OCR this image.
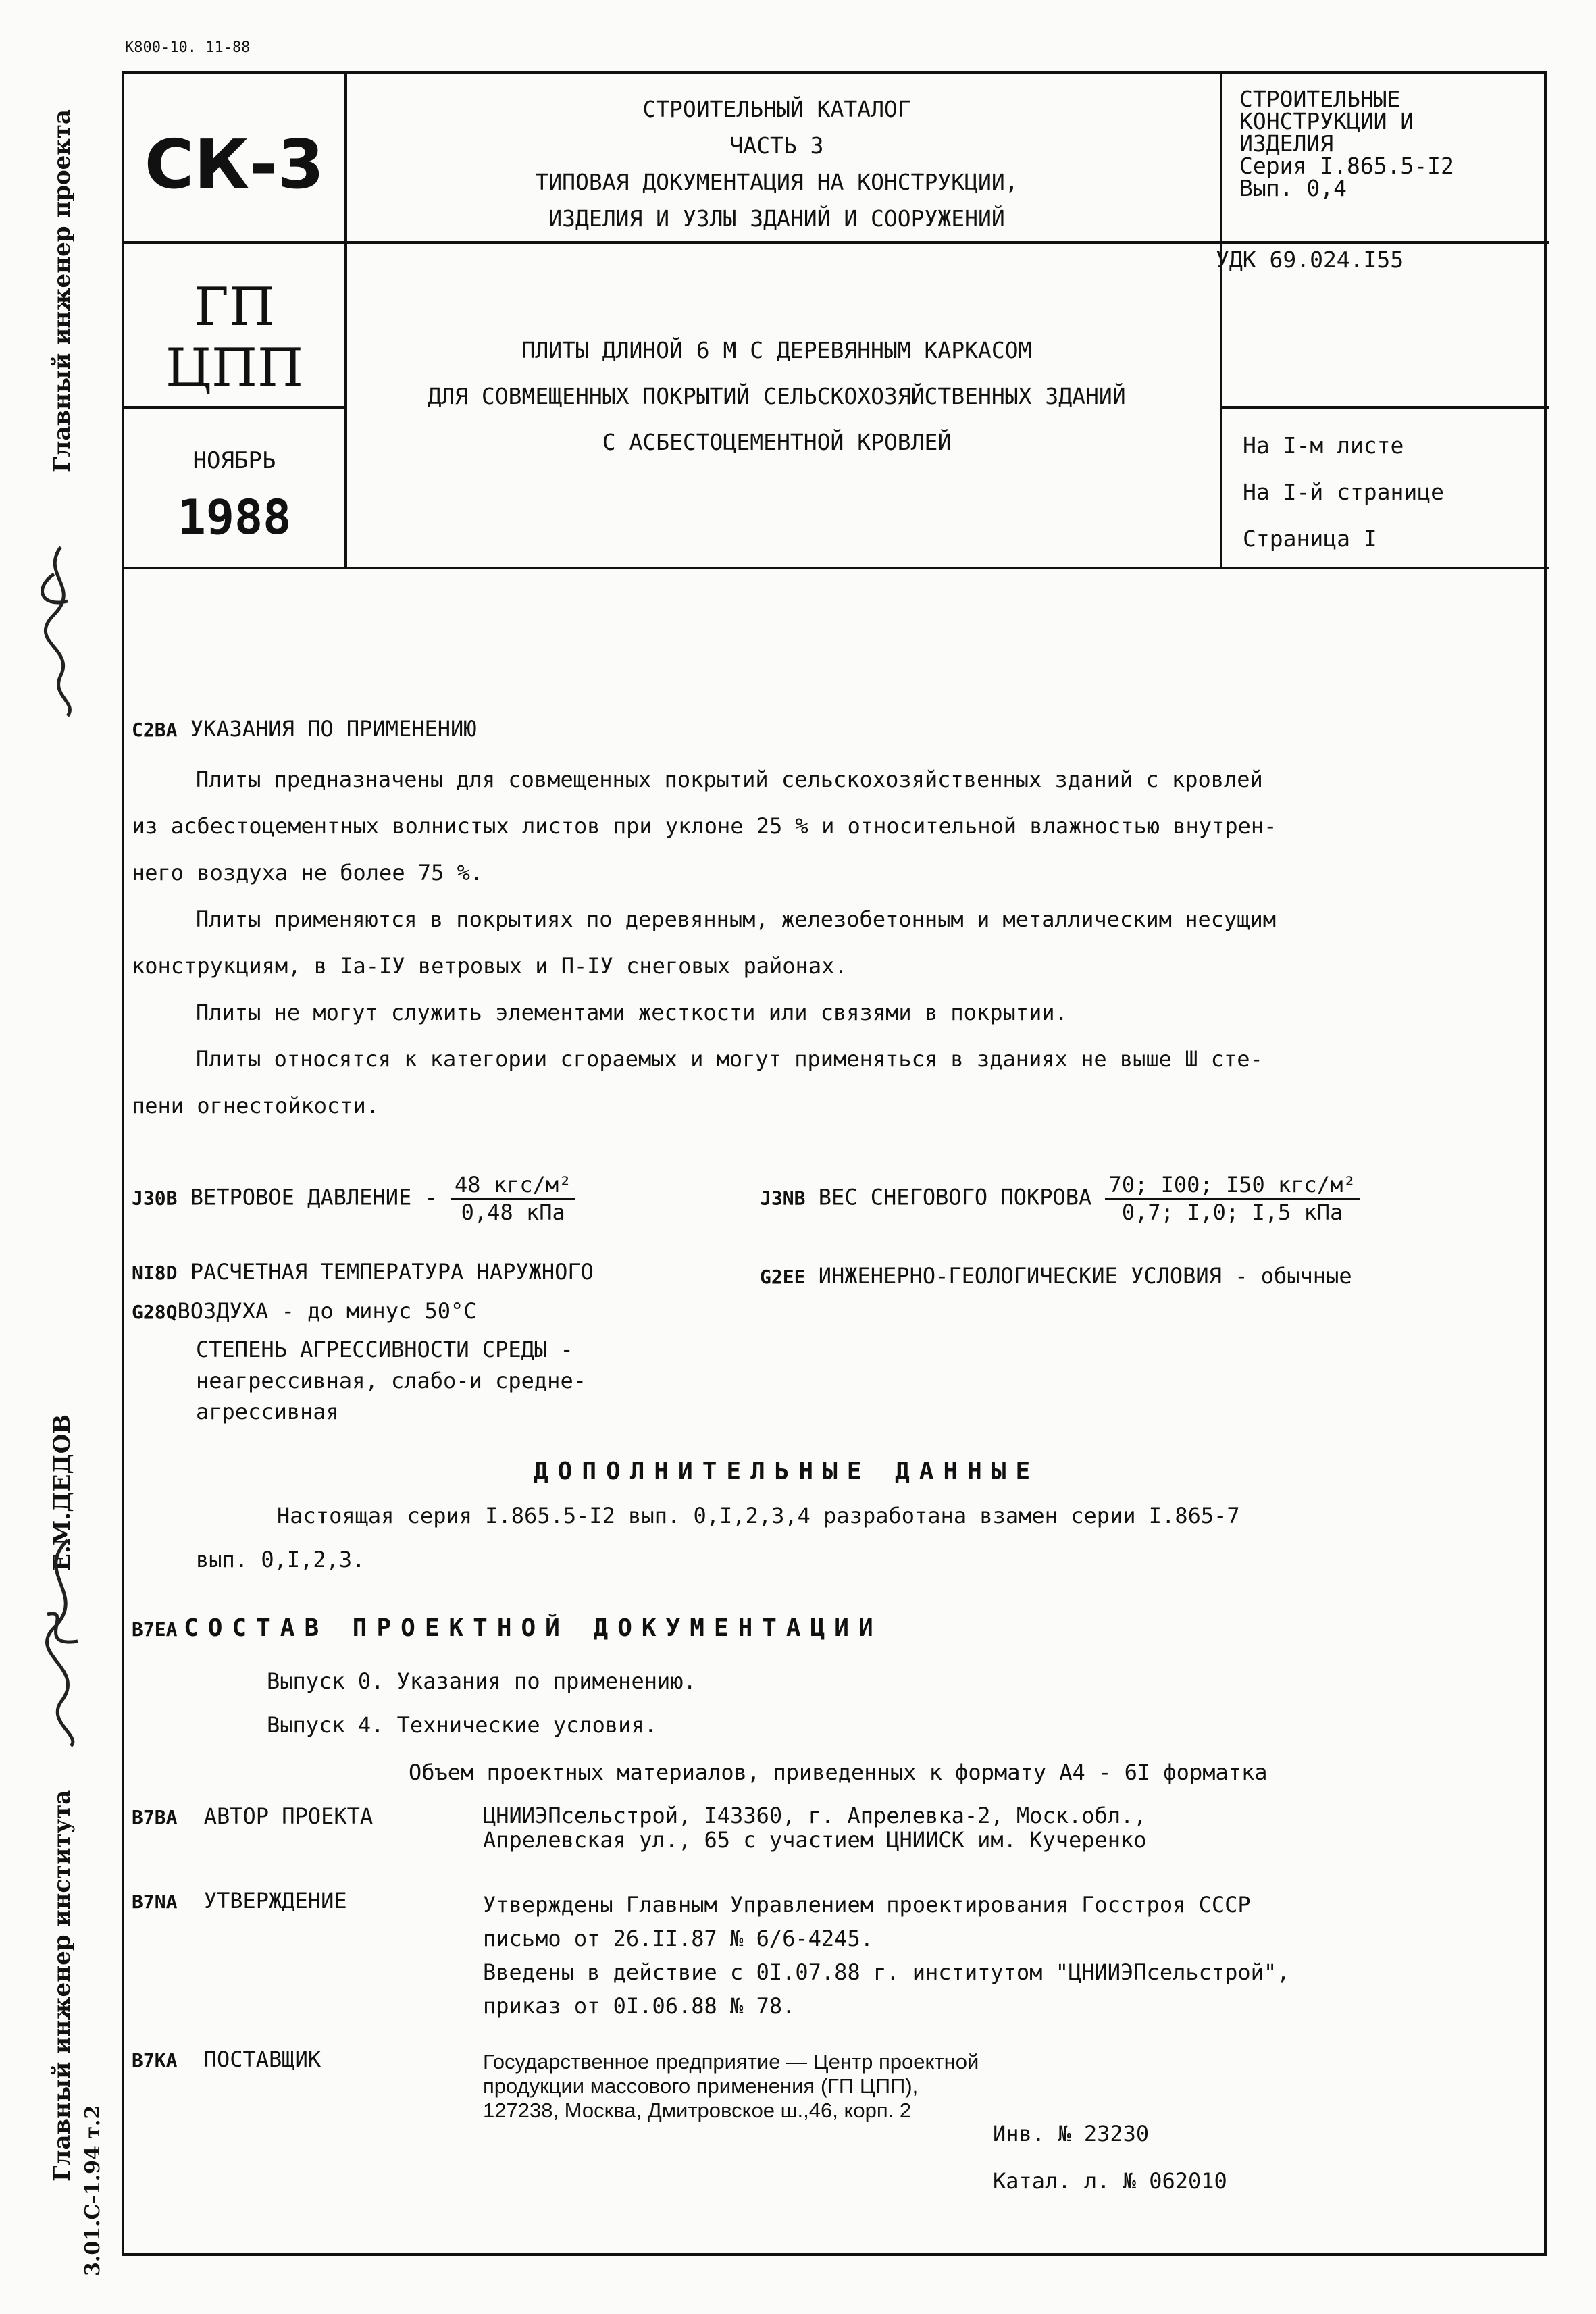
К800-10. 11-88
СК-3
ГП
ЦПП
НОЯБРЬ
1988
СТРОИТЕЛЬНЫЙ КАТАЛОГ
ЧАСТЬ 3
ТИПОВАЯ ДОКУМЕНТАЦИЯ НА КОНСТРУКЦИИ,
ИЗДЕЛИЯ И УЗЛЫ ЗДАНИЙ И СООРУЖЕНИЙ
ПЛИТЫ ДЛИНОЙ 6 М С ДЕРЕВЯННЫМ КАРКАСОМ
ДЛЯ СОВМЕЩЕННЫХ ПОКРЫТИЙ СЕЛЬСКОХОЗЯЙСТВЕННЫХ ЗДАНИЙ
С АСБЕСТОЦЕМЕНТНОЙ КРОВЛЕЙ
СТРОИТЕЛЬНЫЕ
КОНСТРУКЦИИ И
ИЗДЕЛИЯ
Серия I.865.5-I2
Вып. 0,4
УДК 69.024.I55
На I-м листе
На I-й странице
Страница I
Главный инженер проекта
Главный инженер института  Е.М.ДЕДОВ
3.01.С-1.94 т.2
C2BA УКАЗАНИЯ ПО ПРИМЕНЕНИЮ
Плиты предназначены для совмещенных покрытий сельскохозяйственных зданий с кровлей
из асбестоцементных волнистых листов при уклоне 25 % и относительной влажностью внутрен-
него воздуха не более 75 %.
Плиты применяются в покрытиях по деревянным, железобетонным и металлическим несущим
конструкциям, в Iа-IУ ветровых и П-IУ снеговых районах.
Плиты не могут служить элементами жесткости или связями в покрытии.
Плиты относятся к категории сгораемых и могут применяться в зданиях не выше Ш сте-
пени огнестойкости.
J30B ВЕТРОВОЕ ДАВЛЕНИЕ - $\frac{\text{48 кгс/м²}}{\text{0,48 кПа}}$	J3NB ВЕС СНЕГОВОГО ПОКРОВА $\frac{\text{70; I00; I50 кгс/м²}}{\text{0,7; I,0; I,5 кПа}}$
NI8D РАСЧЕТНАЯ ТЕМПЕРАТУРА НАРУЖНОГО
G28QВОЗДУХА - до минус 50°С
G2EE ИНЖЕНЕРНО-ГЕОЛОГИЧЕСКИЕ УСЛОВИЯ - обычные
СТЕПЕНЬ АГРЕССИВНОСТИ СРЕДЫ -
неагрессивная, слабо-и средне-
агрессивная
ДОПОЛНИТЕЛЬНЫЕ ДАННЫЕ
Настоящая серия I.865.5-I2 вып. 0,I,2,3,4 разработана взамен серии I.865-7
вып. 0,I,2,3.
B7EA СОСТАВ ПРОЕКТНОЙ ДОКУМЕНТАЦИИ
Выпуск 0. Указания по применению.
Выпуск 4. Технические условия.
Объем проектных материалов, приведенных к формату А4 - 6I форматка
B7BA АВТОР ПРОЕКТА	ЦНИИЭПсельстрой, I43360, г. Апрелевка-2, Моск.обл.,
Апрелевская ул., 65 с участием ЦНИИСК им. Кучеренко
B7NA УТВЕРЖДЕНИЕ	Утверждены Главным Управлением проектирования Госстроя СССР
письмо от 26.II.87 № 6/6-4245.
Введены в действие с 0I.07.88 г. институтом "ЦНИИЭПсельстрой",
приказ от 0I.06.88 № 78.
B7KA ПОСТАВЩИК	Государственное предприятие — Центр проектной
продукции массового применения (ГП ЦПП),
127238, Москва, Дмитровское ш.,46, корп. 2
Инв. № 23230
Катал. л. № 062010
